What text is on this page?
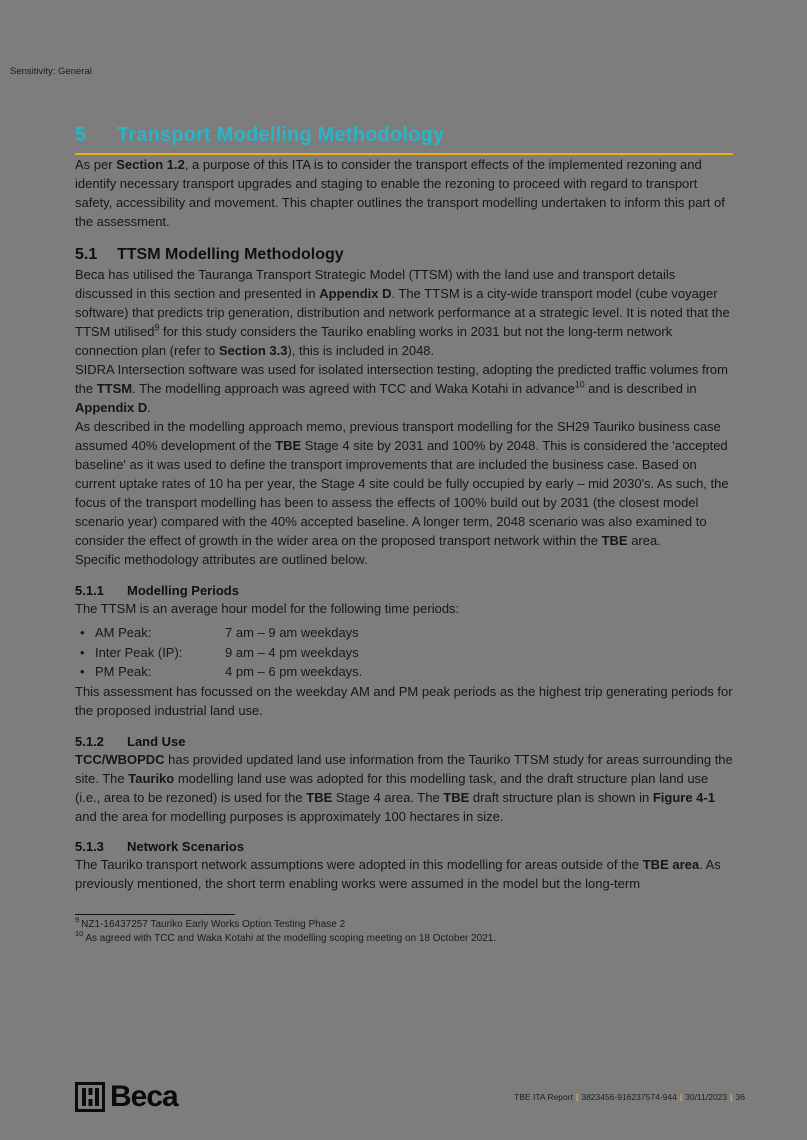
Sensitivity: General
5	Transport Modelling Methodology

As per Section 1.2, a purpose of this ITA is to consider the transport effects of the implemented rezoning and identify necessary transport upgrades and staging to enable the rezoning to proceed with regard to transport safety, accessibility and movement. This chapter outlines the transport modelling undertaken to inform this part of the assessment.

5.1	TTSM Modelling Methodology

Beca has utilised the Tauranga Transport Strategic Model (TTSM) with the land use and transport details discussed in this section and presented in Appendix D. The TTSM is a city-wide transport model (cube voyager software) that predicts trip generation, distribution and network performance at a strategic level. It is noted that the TTSM utilised$^9$ for this study considers the Tauriko enabling works in 2031 but not the long-term network connection plan (refer to Section 3.3), this is included in 2048.

SIDRA Intersection software was used for isolated intersection testing, adopting the predicted traffic volumes from the TTSM. The modelling approach was agreed with TCC and Waka Kotahi in advance$^{10}$ and is described in Appendix D.

As described in the modelling approach memo, previous transport modelling for the SH29 Tauriko business case assumed 40% development of the TBE Stage 4 site by 2031 and 100% by 2048. This is considered the 'accepted baseline' as it was used to define the transport improvements that are included the business case. Based on current uptake rates of 10 ha per year, the Stage 4 site could be fully occupied by early – mid 2030's. As such, the focus of the transport modelling has been to assess the effects of 100% build out by 2031 (the closest model scenario year) compared with the 40% accepted baseline. A longer term, 2048 scenario was also examined to consider the effect of growth in the wider area on the proposed transport network within the TBE area.

Specific methodology attributes are outlined below.

5.1.1	Modelling Periods

The TTSM is an average hour model for the following time periods:

• AM Peak:	7 am – 9 am weekdays
• Inter Peak (IP):	9 am – 4 pm weekdays
• PM Peak:	4 pm – 6 pm weekdays.

This assessment has focussed on the weekday AM and PM peak periods as the highest trip generating periods for the proposed industrial land use.

5.1.2	Land Use

TCC/WBOPDC has provided updated land use information from the Tauriko TTSM study for areas surrounding the site. The Tauriko modelling land use was adopted for this modelling task, and the draft structure plan land use (i.e., area to be rezoned) is used for the TBE Stage 4 area. The TBE draft structure plan is shown in Figure 4-1 and the area for modelling purposes is approximately 100 hectares in size.

5.1.3	Network Scenarios

The Tauriko transport network assumptions were adopted in this modelling for areas outside of the TBE area. As previously mentioned, the short term enabling works were assumed in the model but the long-term

$^9$ NZ1-16437257 Tauriko Early Works Option Testing Phase 2
$^{10}$ As agreed with TCC and Waka Kotahi at the modelling scoping meeting on 18 October 2021.
Beca	TBE ITA Report | 3823456-916237574-944 | 30/11/2023 | 36
